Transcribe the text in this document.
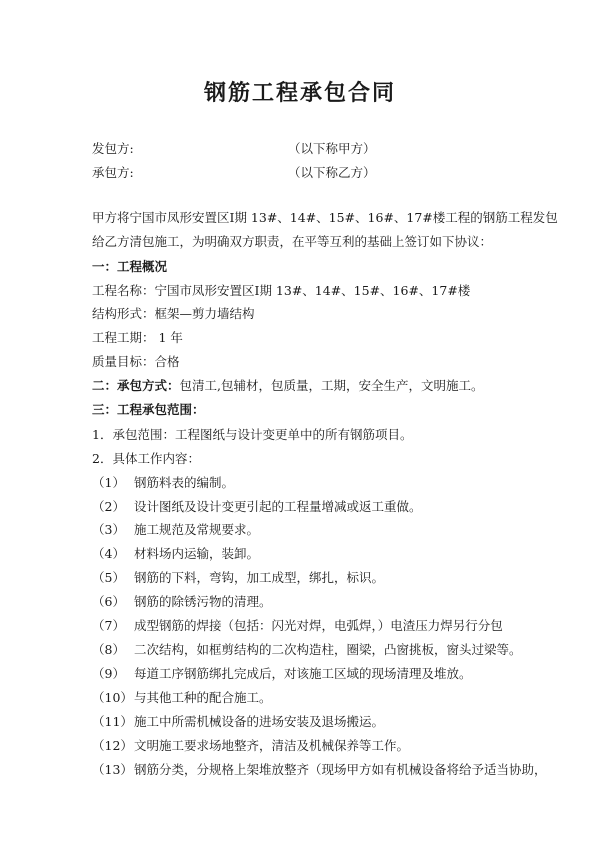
钢筋工程承包合同
发包方:	（以下称甲方）
承包方:	（以下称乙方）
甲方将宁国市凤形安置区Ⅰ期 13#、14#、15#、16#、17#楼工程的钢筋工程发包
给乙方清包施工，为明确双方职责，在平等互利的基础上签订如下协议：
一：工程概况
工程名称：宁国市凤形安置区Ⅰ期 13#、14#、15#、16#、17#楼
结构形式：框架—剪力墙结构
工程工期： 1 年
质量目标：合格
二：承包方式：包清工,包辅材，包质量，工期，安全生产，文明施工。
三：工程承包范围：
1．承包范围：工程图纸与设计变更单中的所有钢筋项目。
2．具体工作内容：
（1） 钢筋料表的编制。
（2） 设计图纸及设计变更引起的工程量增减或返工重做。
（3） 施工规范及常规要求。
（4） 材料场内运输，装卸。
（5） 钢筋的下料，弯钩，加工成型，绑扎，标识。
（6） 钢筋的除锈污物的清理。
（7） 成型钢筋的焊接（包括：闪光对焊，电弧焊，）电渣压力焊另行分包
（8） 二次结构，如框剪结构的二次构造柱，圈梁，凸窗挑板，窗头过梁等。
（9） 每道工序钢筋绑扎完成后，对该施工区域的现场清理及堆放。
（10）与其他工种的配合施工。
（11）施工中所需机械设备的进场安装及退场搬运。
（12）文明施工要求场地整齐，清洁及机械保养等工作。
（13）钢筋分类，分规格上架堆放整齐（现场甲方如有机械设备将给予适当协助，
